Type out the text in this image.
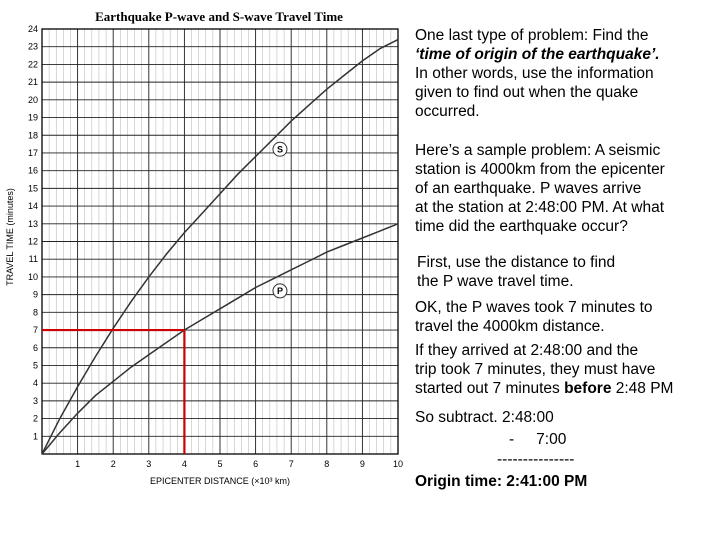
Earthquake P-wave and S-wave Travel Time
1	2	3	4	5	6	7	8	9	10
1
2
3
4
5
6
7
8
9
10
11
12
13
14
15
16
17
18
19
20
21
22
23
24
S
P
EPICENTER DISTANCE (×10³ km)
TRAVEL TIME (minutes)
One last type of problem: Find the
‘time of origin of the earthquake’.
In other words, use the information
given to find out when the quake
occurred.
Here’s a sample problem: A seismic
station is 4000km from the epicenter
of an earthquake. P waves arrive
at the station at 2:48:00 PM. At what
time did the earthquake occur?
First, use the distance to find
the P wave travel time.
OK, the P waves took 7 minutes to
travel the 4000km distance.
If they arrived at 2:48:00 and the
trip took 7 minutes, they must have
started out 7 minutes before 2:48 PM
So subtract. 2:48:00
- 7:00
---------------
Origin time: 2:41:00 PM
